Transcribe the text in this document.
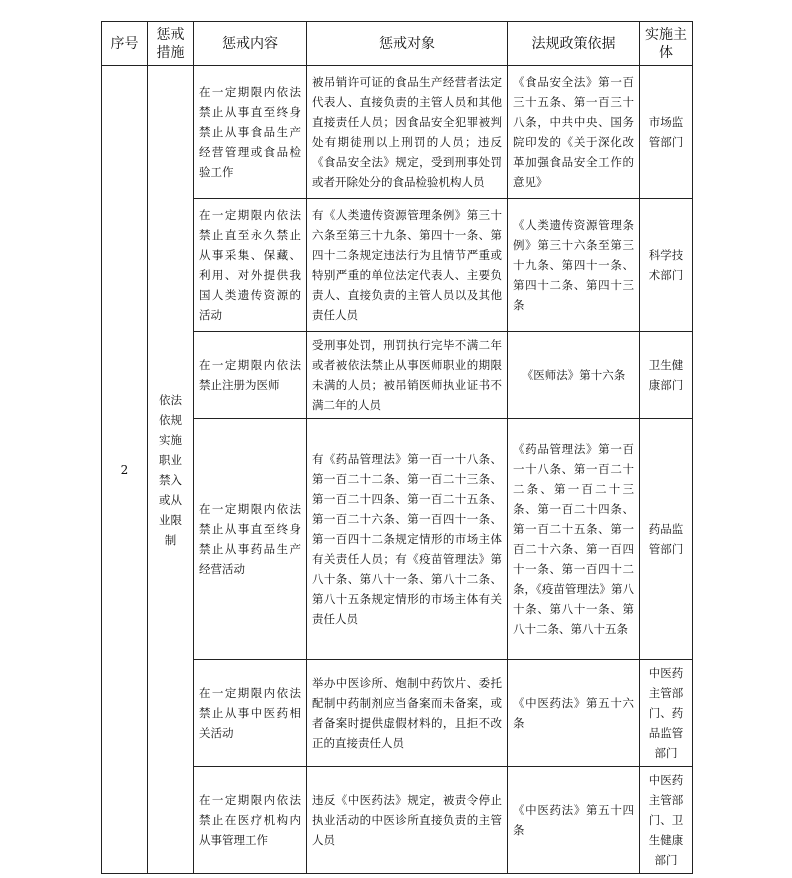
序号	惩戒措施	惩戒内容	惩戒对象	法规政策依据	实施主体
2	依法依规实施职业禁入或从业限制	在一定期限内依法禁止从事直至终身禁止从事食品生产经营管理或食品检验工作	被吊销许可证的食品生产经营者法定代表人、直接负责的主管人员和其他直接责任人员；因食品安全犯罪被判处有期徒刑以上刑罚的人员；违反《食品安全法》规定，受到刑事处罚或者开除处分的食品检验机构人员	《食品安全法》第一百三十五条、第一百三十八条，中共中央、国务院印发的《关于深化改革加强食品安全工作的意见》	市场监管部门
		在一定期限内依法禁止直至永久禁止从事采集、保藏、利用、对外提供我国人类遗传资源的活动	有《人类遗传资源管理条例》第三十六条至第三十九条、第四十一条、第四十二条规定违法行为且情节严重或特别严重的单位法定代表人、主要负责人、直接负责的主管人员以及其他责任人员	《人类遗传资源管理条例》第三十六条至第三十九条、第四十一条、第四十二条、第四十三条	科学技术部门
		在一定期限内依法禁止注册为医师	受刑事处罚，刑罚执行完毕不满二年或者被依法禁止从事医师职业的期限未满的人员；被吊销医师执业证书不满二年的人员	《医师法》第十六条	卫生健康部门
		在一定期限内依法禁止从事直至终身禁止从事药品生产经营活动	有《药品管理法》第一百一十八条、第一百二十二条、第一百二十三条、第一百二十四条、第一百二十五条、第一百二十六条、第一百四十一条、第一百四十二条规定情形的市场主体有关责任人员；有《疫苗管理法》第八十条、第八十一条、第八十二条、第八十五条规定情形的市场主体有关责任人员	《药品管理法》第一百一十八条、第一百二十二条、第一百二十三条、第一百二十四条、第一百二十五条、第一百二十六条、第一百四十一条、第一百四十二条，《疫苗管理法》第八十条、第八十一条、第八十二条、第八十五条	药品监管部门
		在一定期限内依法禁止从事中医药相关活动	举办中医诊所、炮制中药饮片、委托配制中药制剂应当备案而未备案，或者备案时提供虚假材料的，且拒不改正的直接责任人员	《中医药法》第五十六条	中医药主管部门、药品监管部门
		在一定期限内依法禁止在医疗机构内从事管理工作	违反《中医药法》规定，被责令停止执业活动的中医诊所直接负责的主管人员	《中医药法》第五十四条	中医药主管部门、卫生健康部门
